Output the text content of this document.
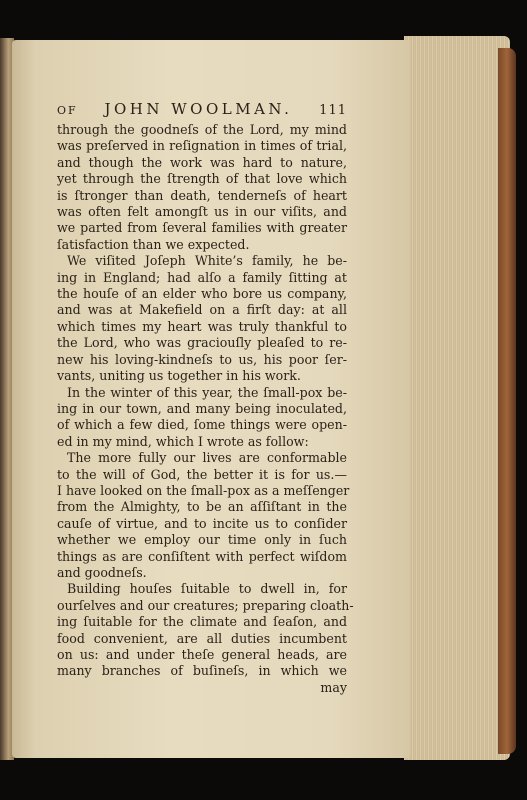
OF JOHN WOOLMAN. 111
through the goodneſs of the Lord, my mind
was preſerved in reſignation in times of trial,
and though the work was hard to nature,
yet through the ſtrength of that love which
is ſtronger than death, tenderneſs of heart
was often felt amongſt us in our viſits, and
we parted from ſeveral families with greater
ſatisfaction than we expected.
We viſited Joſeph White’s family, he be-
ing in England; had alſo a family ſitting at
the houſe of an elder who bore us company,
and was at Makefield on a firſt day: at all
which times my heart was truly thankful to
the Lord, who was graciouſly pleaſed to re-
new his loving-kindneſs to us, his poor ſer-
vants, uniting us together in his work.
In the winter of this year, the ſmall-pox be-
ing in our town, and many being inoculated,
of which a few died, ſome things were open-
ed in my mind, which I wrote as follow:
The more fully our lives are conformable
to the will of God, the better it is for us.—
I have looked on the ſmall-pox as a meſſenger
from the Almighty, to be an aſſiſtant in the
cauſe of virtue, and to incite us to conſider
whether we employ our time only in ſuch
things as are conſiſtent with perfect wiſdom
and goodneſs.
Building houſes ſuitable to dwell in, for
ourſelves and our creatures; preparing cloath-
ing ſuitable for the climate and ſeaſon, and
food convenient, are all duties incumbent
on us: and under theſe general heads, are
many branches of buſineſs, in which we
may
